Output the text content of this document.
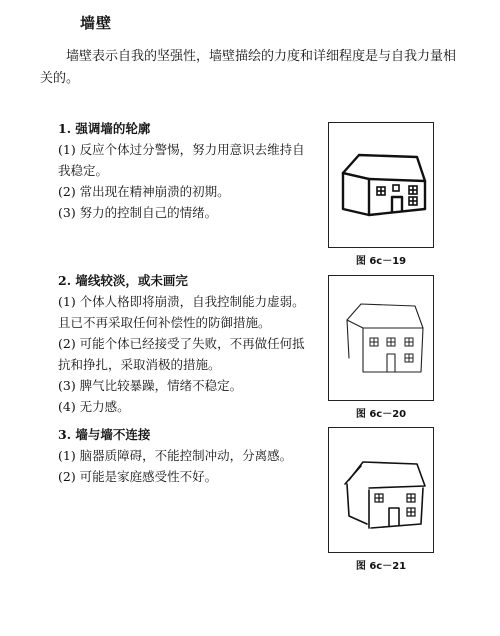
墙壁

墙壁表示自我的坚强性，墙壁描绘的力度和详细程度是与自我力量相关的。

1. 强调墙的轮廓

(1) 反应个体过分警惕，努力用意识去维持自我稳定。

(2) 常出现在精神崩溃的初期。

(3) 努力的控制自己的情绪。

2. 墙线较淡，或未画完

(1) 个体人格即将崩溃，自我控制能力虚弱。且已不再采取任何补偿性的防御措施。

(2) 可能个体已经接受了失败，不再做任何抵抗和挣扎，采取消极的措施。

(3) 脾气比较暴躁，情绪不稳定。

(4) 无力感。

3. 墙与墙不连接

(1) 脑器质障碍，不能控制冲动，分离感。

(2) 可能是家庭感受性不好。

图 6c－19
图 6c－20
图 6c－21
